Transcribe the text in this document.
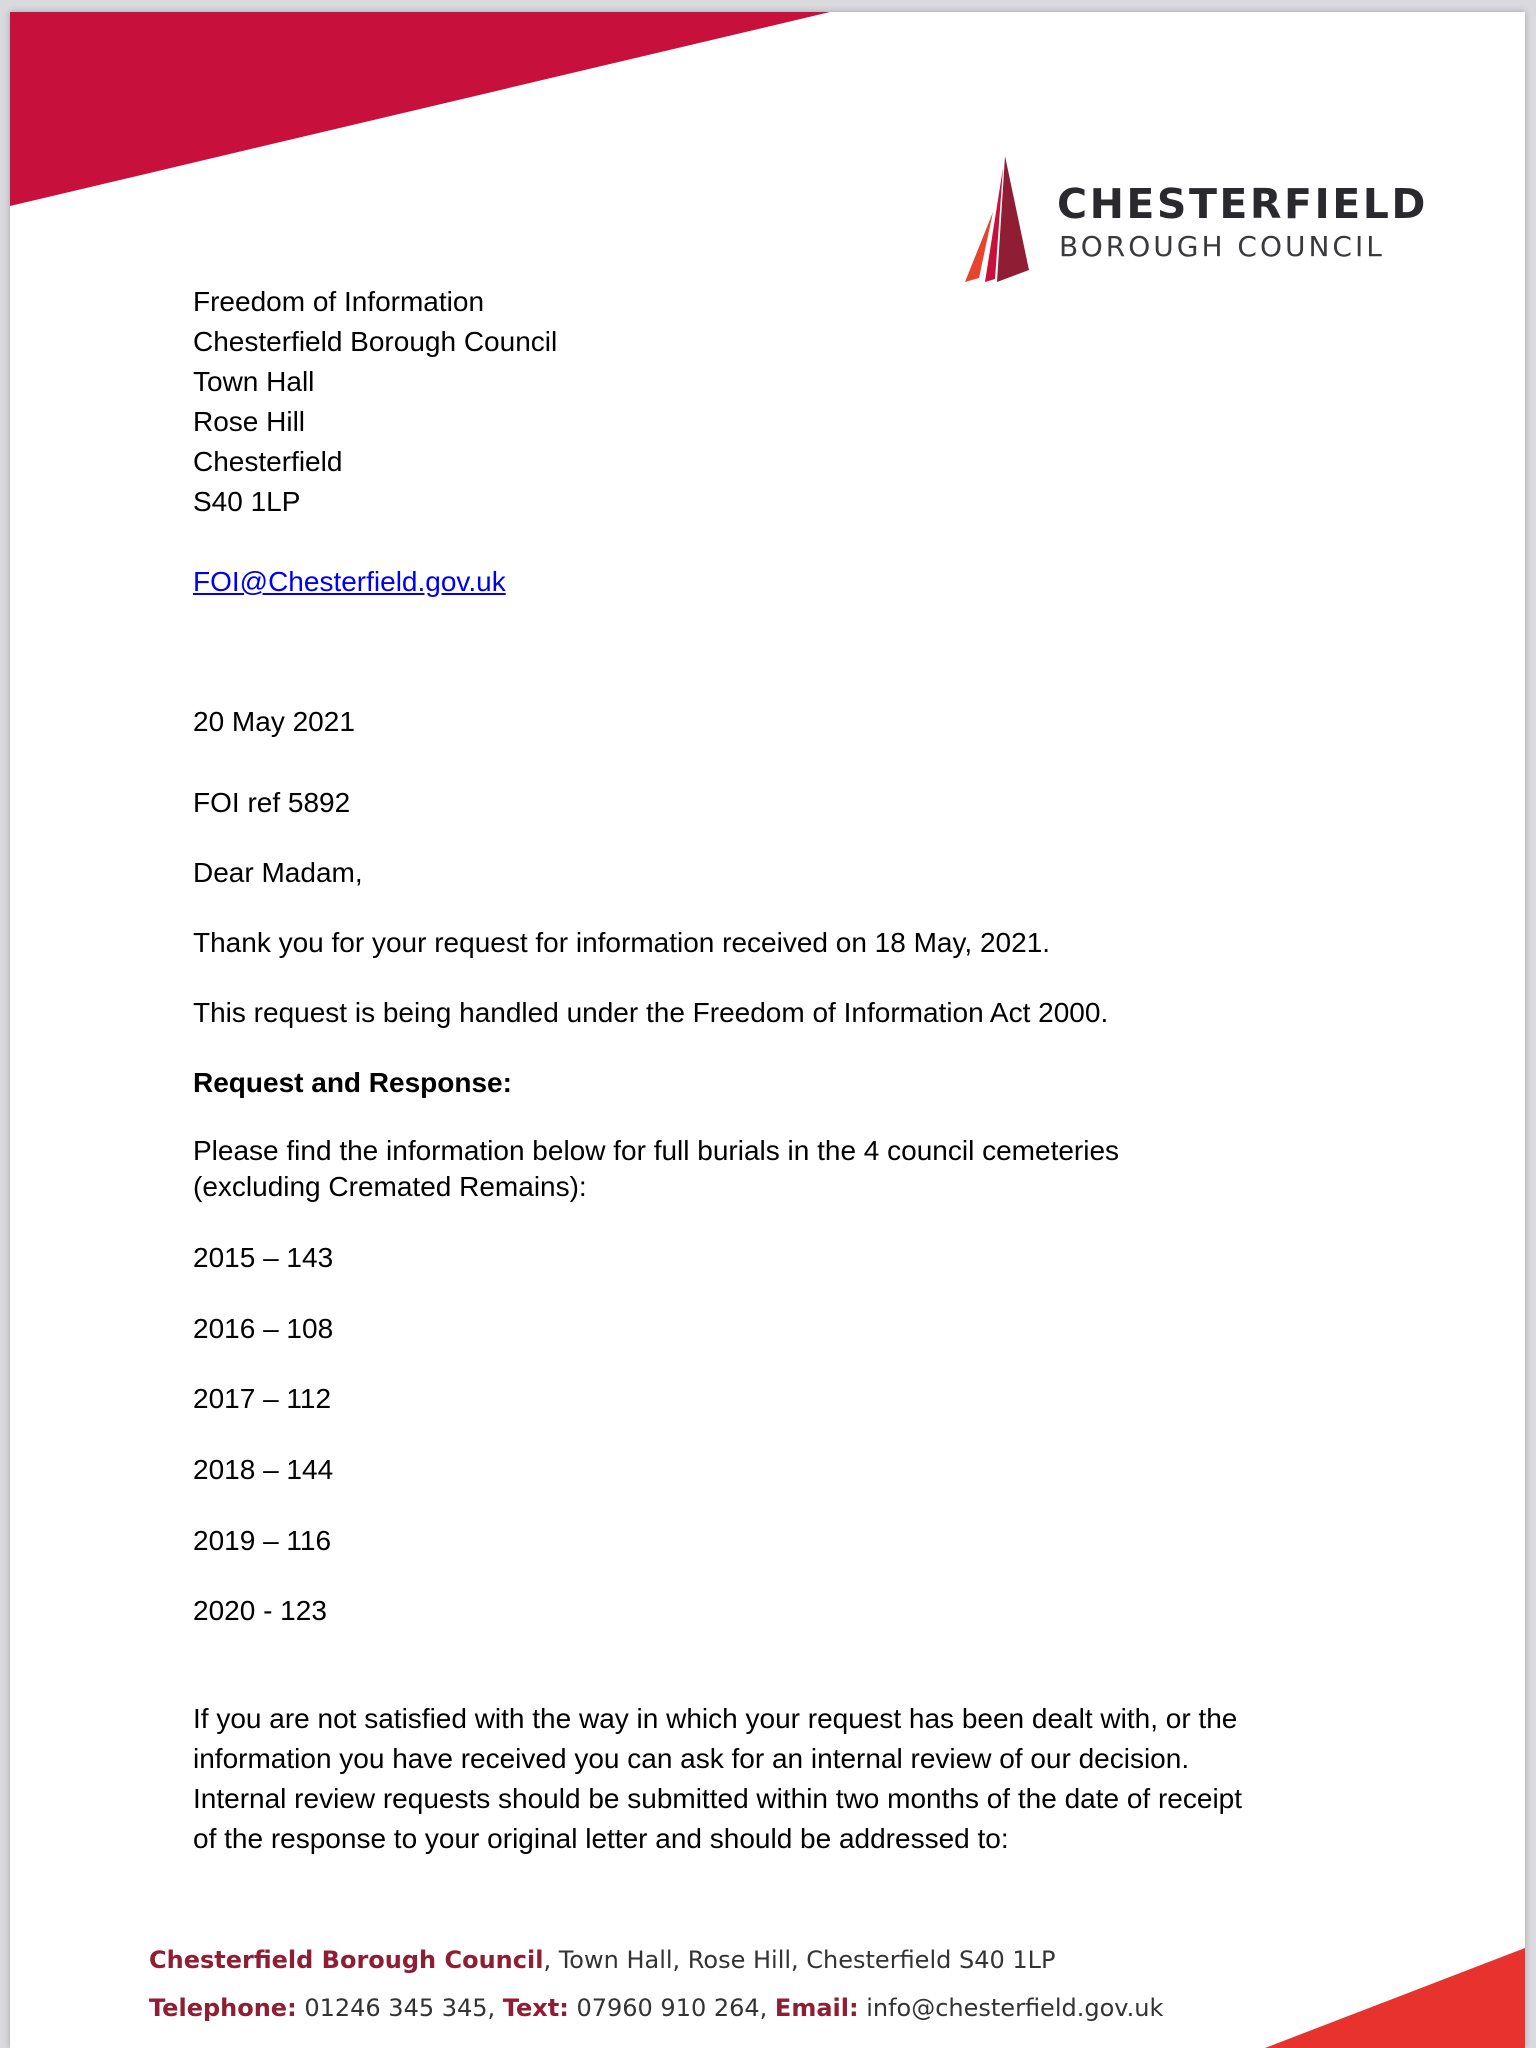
CHESTERFIELD
BOROUGH COUNCIL
Freedom of Information
Chesterfield Borough Council
Town Hall
Rose Hill
Chesterfield
S40 1LP
FOI@Chesterfield.gov.uk
20 May 2021
FOI ref 5892
Dear Madam,
Thank you for your request for information received on 18 May, 2021.
This request is being handled under the Freedom of Information Act 2000.
Request and Response:
Please find the information below for full burials in the 4 council cemeteries
(excluding Cremated Remains):
2015 – 143
2016 – 108
2017 – 112
2018 – 144
2019 – 116
2020 - 123
If you are not satisfied with the way in which your request has been dealt with, or the
information you have received you can ask for an internal review of our decision.
Internal review requests should be submitted within two months of the date of receipt
of the response to your original letter and should be addressed to:
Chesterfield Borough Council, Town Hall, Rose Hill, Chesterfield S40 1LP
Telephone: 01246 345 345, Text: 07960 910 264, Email: info@chesterfield.gov.uk
